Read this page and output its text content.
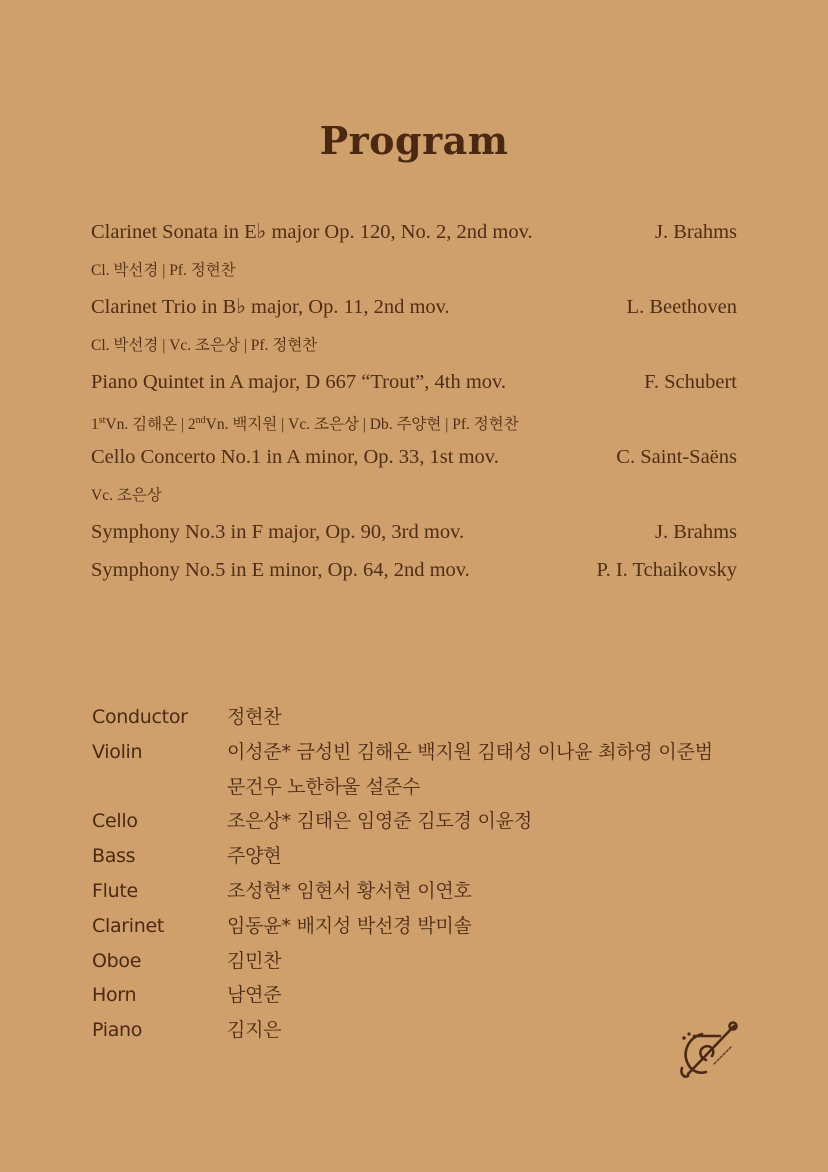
Program
Clarinet Sonata in E♭ major Op. 120, No. 2, 2nd mov.	J. Brahms
Cl. 박선경 | Pf. 정현찬
Clarinet Trio in B♭ major, Op. 11, 2nd mov.	L. Beethoven
Cl. 박선경 | Vc. 조은상 | Pf. 정현찬
Piano Quintet in A major, D 667 “Trout”, 4th mov.	F. Schubert
1stVn. 김해온 | 2ndVn. 백지원 | Vc. 조은상 | Db. 주양현 | Pf. 정현찬
Cello Concerto No.1 in A minor, Op. 33, 1st mov.	C. Saint-Saëns
Vc. 조은상
Symphony No.3 in F major, Op. 90, 3rd mov.	J. Brahms
Symphony No.5 in E minor, Op. 64, 2nd mov.	P. I. Tchaikovsky
Conductor	정현찬
Violin	이성준* 금성빈 김해온 백지원 김태성 이나윤 최하영 이준범
문건우 노한하울 설준수
Cello	조은상* 김태은 임영준 김도경 이윤정
Bass	주양현
Flute	조성현* 임현서 황서현 이연호
Clarinet	임동윤* 배지성 박선경 박미솔
Oboe	김민찬
Horn	남연준
Piano	김지은
